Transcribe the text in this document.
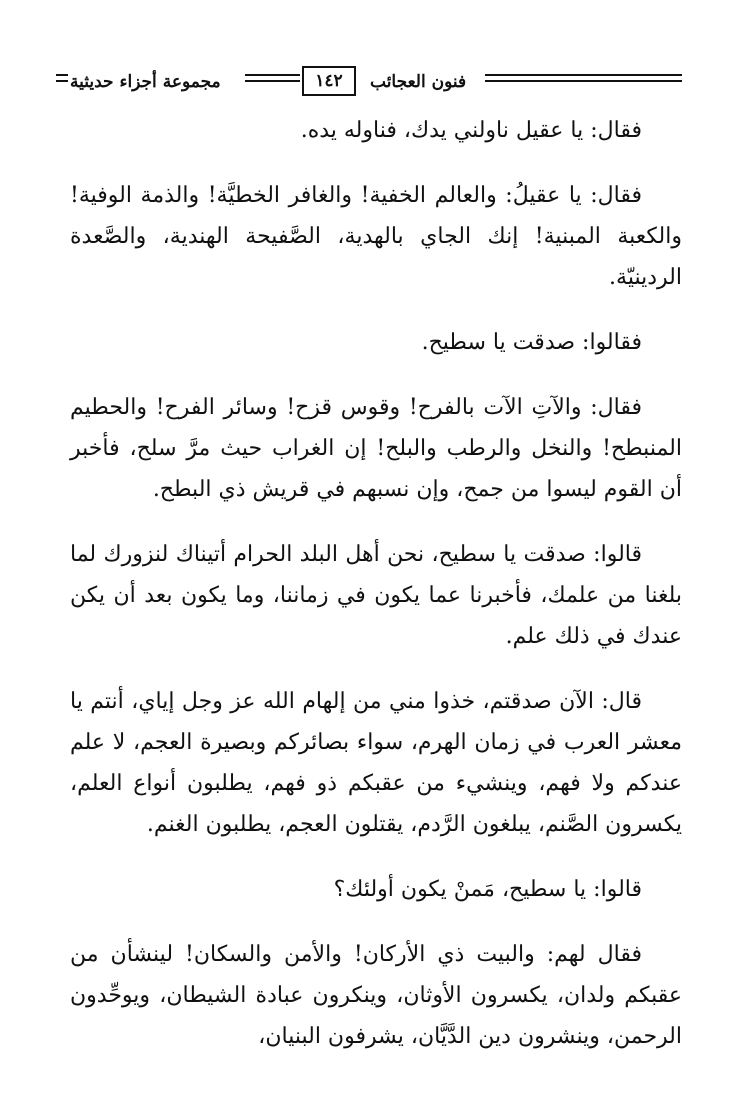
مجموعة أجزاء حديثية	١٤٢	فنون العجائب

فقال: يا عقيل ناولني يدك، فناوله يده.

فقال: يا عقيلُ: والعالم الخفية! والغافر الخطيَّة! والذمة الوفية! والكعبة المبنية! إنك الجاي بالهدية، الصَّفيحة الهندية، والصَّعدة الردينيّة.

فقالوا: صدقت يا سطيح.

فقال: والآتِ الآت بالفرح! وقوس قزح! وسائر الفرح! والحطيم المنبطح! والنخل والرطب والبلح! إن الغراب حيث مرَّ سلح، فأخبر أن القوم ليسوا من جمح، وإن نسبهم في قريش ذي البطح.

قالوا: صدقت يا سطيح، نحن أهل البلد الحرام أتيناك لنزورك لما بلغنا من علمك، فأخبرنا عما يكون في زماننا، وما يكون بعد أن يكن عندك في ذلك علم.

قال: الآن صدقتم، خذوا مني من إلهام الله عز وجل إياي، أنتم يا معشر العرب في زمان الهرم، سواء بصائركم وبصيرة العجم، لا علم عندكم ولا فهم، وينشيء من عقبكم ذو فهم، يطلبون أنواع العلم، يكسرون الصَّنم، يبلغون الرَّدم، يقتلون العجم، يطلبون الغنم.

قالوا: يا سطيح، مَمنْ يكون أولئك؟

فقال لهم: والبيت ذي الأركان! والأمن والسكان! لينشأن من عقبكم ولدان، يكسرون الأوثان، وينكرون عبادة الشيطان، ويوحِّدون الرحمن، وينشرون دين الدَّيَّان، يشرفون البنيان،
